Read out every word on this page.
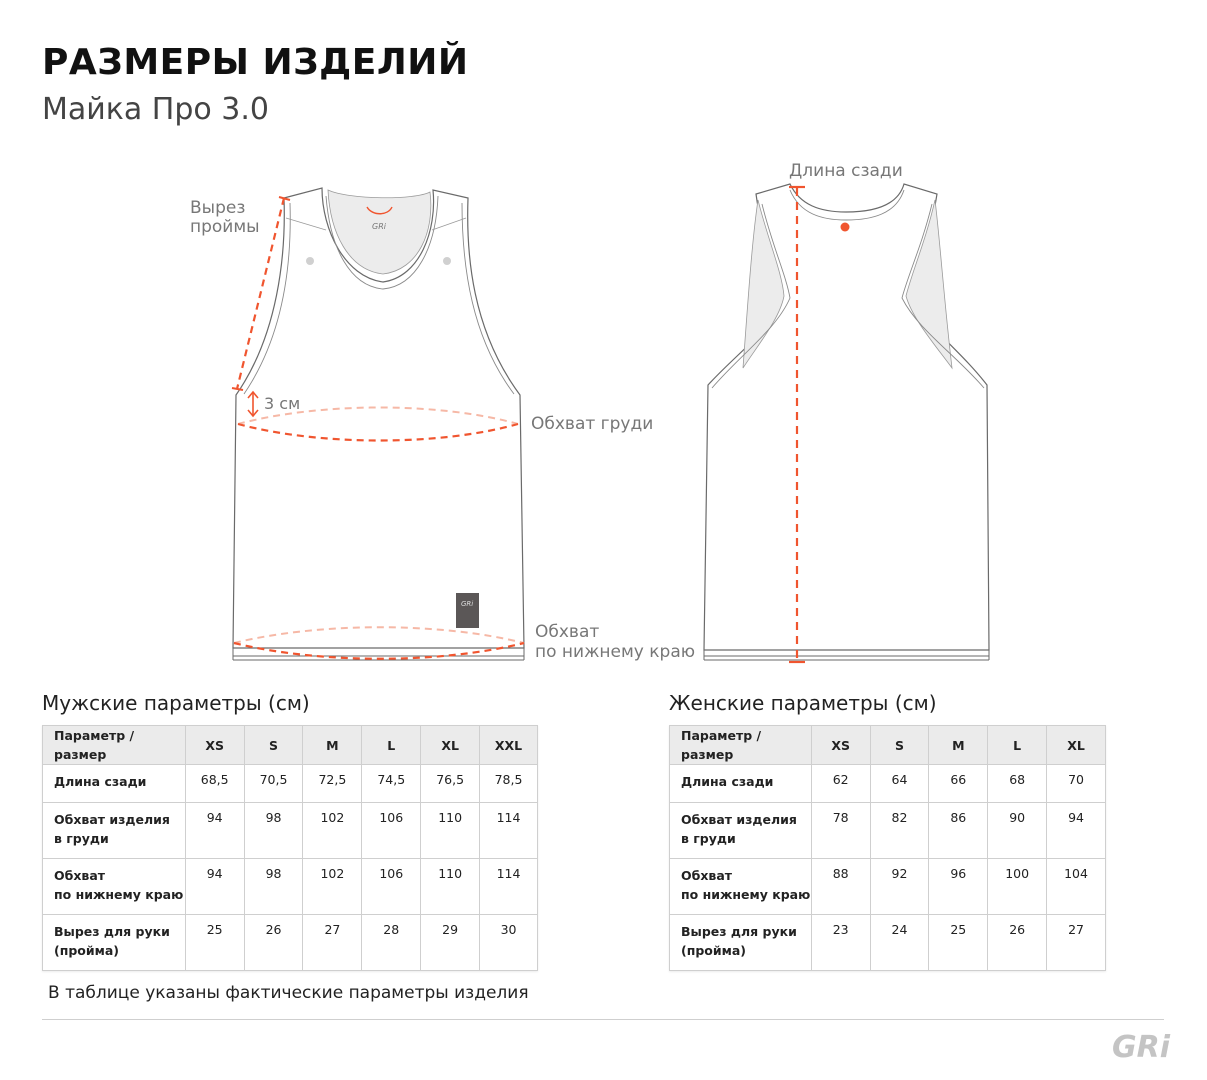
РАЗМЕРЫ ИЗДЕЛИЙ
Майка Про 3.0
GRi
GRi
Вырез
проймы
3 см
Обхват груди
Обхват
по нижнему краю
Длина сзади
Мужские параметры (см)
Параметр / размер	XS	S	M	L	XL	XXL
Длина сзади	68,5	70,5	72,5	74,5	76,5	78,5
Обхват изделия
в груди	94	98	102	106	110	114
Обхват
по нижнему краю	94	98	102	106	110	114
Вырез для руки
(пройма)	25	26	27	28	29	30
Женские параметры (см)
Параметр / размер	XS	S	M	L	XL
Длина сзади	62	64	66	68	70
Обхват изделия
в груди	78	82	86	90	94
Обхват
по нижнему краю	88	92	96	100	104
Вырез для руки
(пройма)	23	24	25	26	27
В таблице указаны фактические параметры изделия
GRi
